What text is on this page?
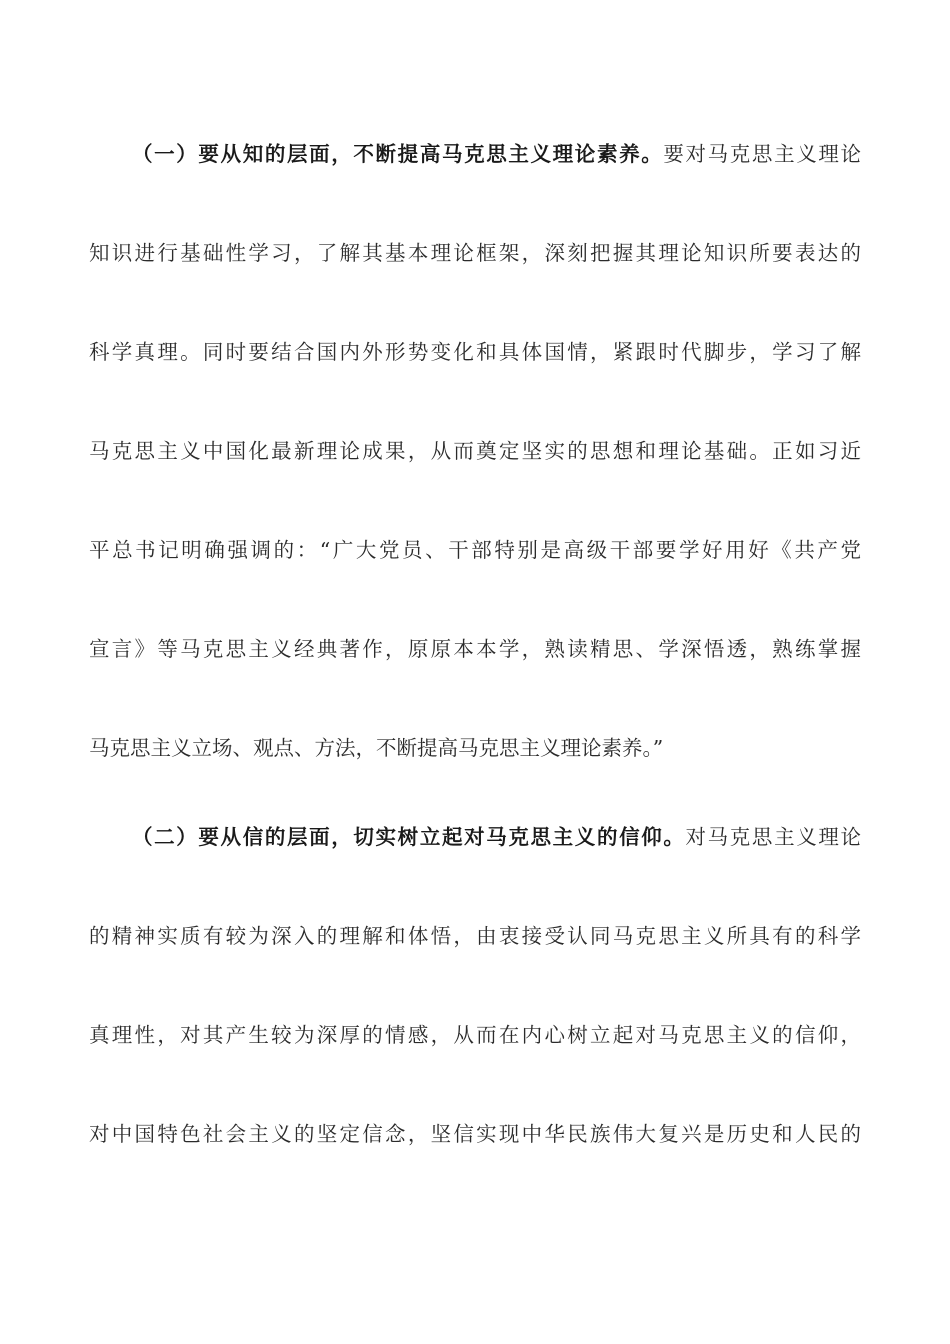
（一）要从知的层面，不断提高马克思主义理论素养。要对马克思主义理论
知识进行基础性学习，了解其基本理论框架，深刻把握其理论知识所要表达的
科学真理。同时要结合国内外形势变化和具体国情，紧跟时代脚步，学习了解
马克思主义中国化最新理论成果，从而奠定坚实的思想和理论基础。正如习近
平总书记明确强调的：“广大党员、干部特别是高级干部要学好用好《共产党
宣言》等马克思主义经典著作，原原本本学，熟读精思、学深悟透，熟练掌握
马克思主义立场、观点、方法，不断提高马克思主义理论素养。”
（二）要从信的层面，切实树立起对马克思主义的信仰。对马克思主义理论
的精神实质有较为深入的理解和体悟，由衷接受认同马克思主义所具有的科学
真理性，对其产生较为深厚的情感，从而在内心树立起对马克思主义的信仰，
对中国特色社会主义的坚定信念，坚信实现中华民族伟大复兴是历史和人民的
